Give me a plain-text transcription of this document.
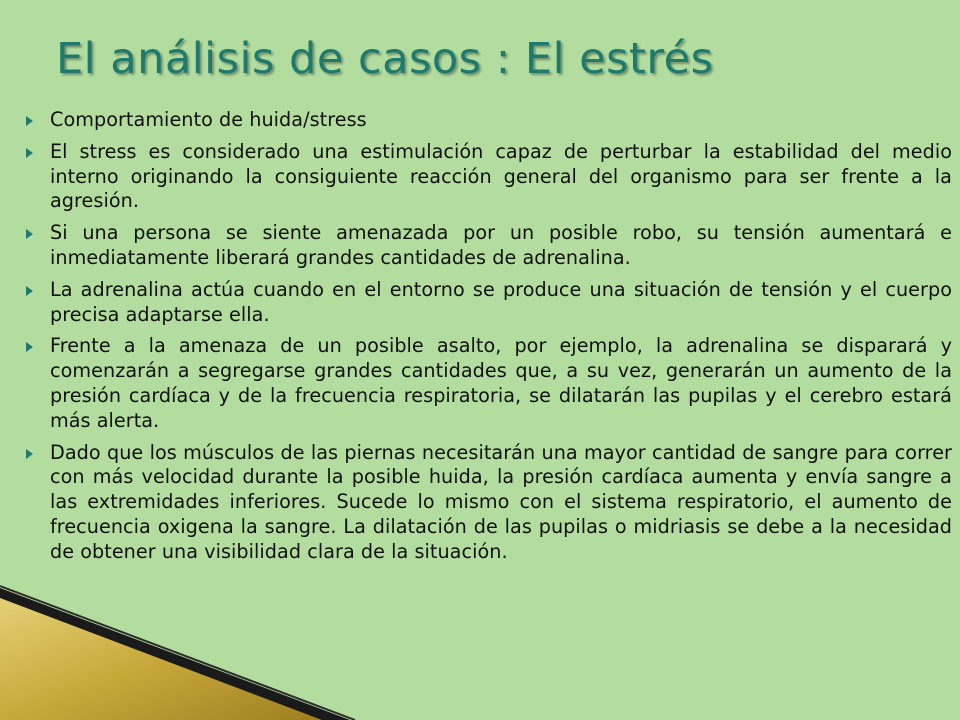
El análisis de casos : El estrés
Comportamiento de huida/stress
El stress es considerado una estimulación capaz de perturbar la estabilidad del medio interno originando la consiguiente reacción general del organismo para ser frente a la agresión.
Si una persona se siente amenazada por un posible robo, su tensión aumentará e inmediatamente liberará grandes cantidades de adrenalina.
La adrenalina actúa cuando en el entorno se produce una situación de tensión y el cuerpo precisa adaptarse ella.
Frente a la amenaza de un posible asalto, por ejemplo, la adrenalina se disparará y comenzarán a segregarse grandes cantidades que, a su vez, generarán un aumento de la presión cardíaca y de la frecuencia respiratoria, se dilatarán las pupilas y el cerebro estará más alerta.
Dado que los músculos de las piernas necesitarán una mayor cantidad de sangre para correr con más velocidad durante la posible huida, la presión cardíaca aumenta y envía sangre a las extremidades inferiores. Sucede lo mismo con el sistema respiratorio, el aumento de frecuencia oxigena la sangre. La dilatación de las pupilas o midriasis se debe a la necesidad de obtener una visibilidad clara de la situación.
